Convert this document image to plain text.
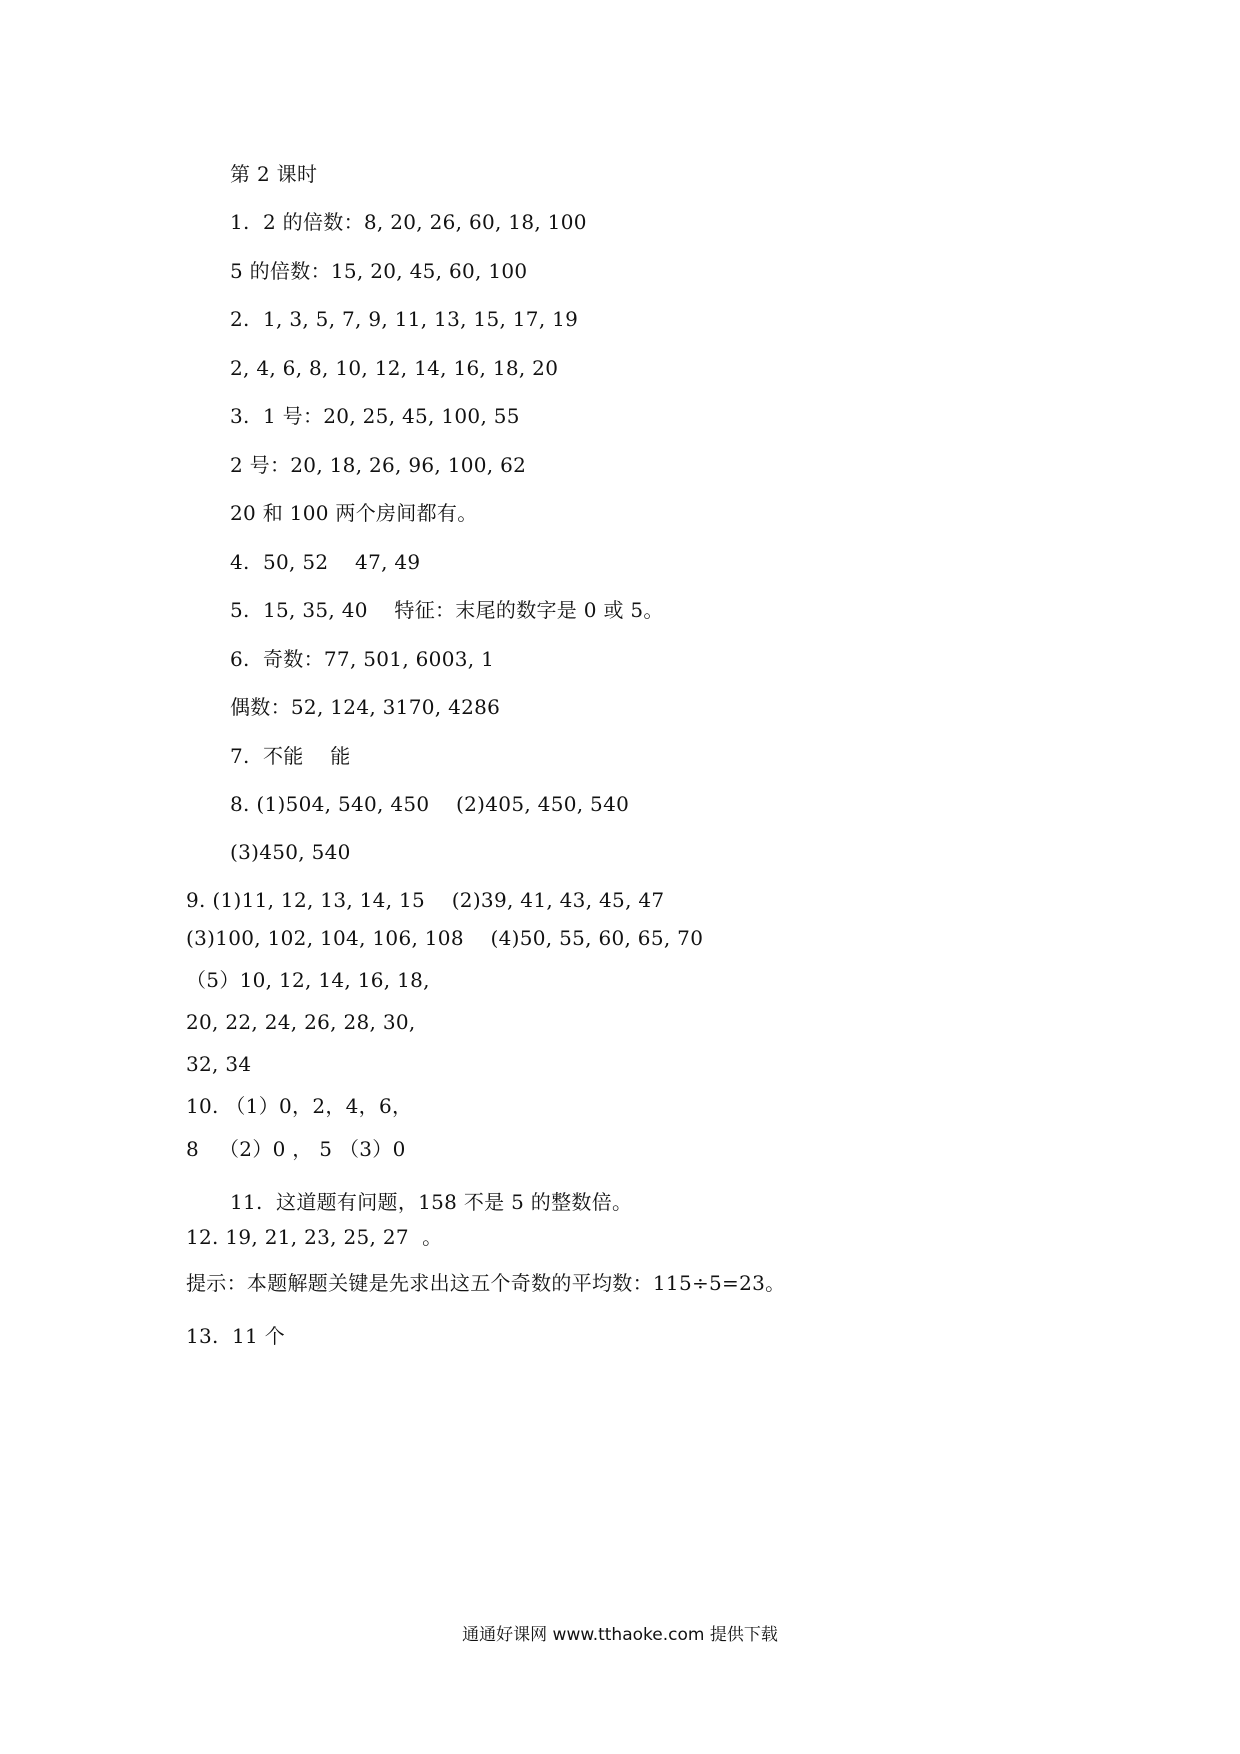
第 2 课时
1.  2 的倍数：8, 20, 26, 60, 18, 100
5 的倍数：15, 20, 45, 60, 100
2.  1, 3, 5, 7, 9, 11, 13, 15, 17, 19
2, 4, 6, 8, 10, 12, 14, 16, 18, 20
3.  1 号：20, 25, 45, 100, 55
2 号：20, 18, 26, 96, 100, 62
20 和 100 两个房间都有。
4.  50, 52    47, 49
5.  15, 35, 40    特征：末尾的数字是 0 或 5。
6.  奇数：77, 501, 6003, 1
偶数：52, 124, 3170, 4286
7.  不能    能
8. (1)504, 540, 450    (2)405, 450, 540
(3)450, 540
9. (1)11, 12, 13, 14, 15    (2)39, 41, 43, 45, 47
(3)100, 102, 104, 106, 108    (4)50, 55, 60, 65, 70
（5）10, 12, 14, 16, 18,
20, 22, 24, 26, 28, 30,
32, 34
10. （1）0，2，4，6，
8   （2）0 ， 5 （3）0
11.  这道题有问题，158 不是 5 的整数倍。
12. 19, 21, 23, 25, 27  。
提示：本题解题关键是先求出这五个奇数的平均数：115÷5=23。
13.  11 个
通通好课网 www.tthaoke.com 提供下载
